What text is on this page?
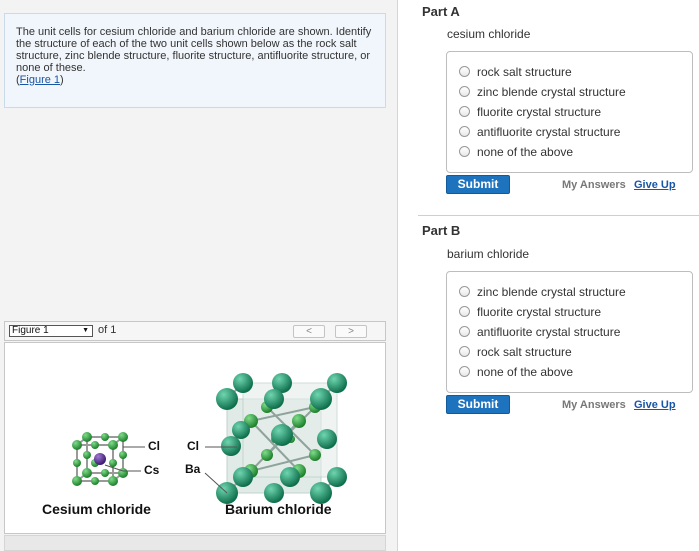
The unit cells for cesium chloride and barium chloride are shown. Identify the structure of each of the two unit cells shown below as the rock salt structure, zinc blende structure, fluorite structure, antifluorite structure, or none of these.
(Figure 1)
Figure 1	▼ of 1	<	>
Cl
Cs
Cl
Ba
Cesium chloride	Barium chloride
Part A
cesium chloride
rock salt structure
zinc blende crystal structure
fluorite crystal structure
antifluorite crystal structure
none of the above
Submit	My Answers Give Up
Part B
barium chloride
zinc blende crystal structure
fluorite crystal structure
antifluorite crystal structure
rock salt structure
none of the above
Submit	My Answers Give Up
